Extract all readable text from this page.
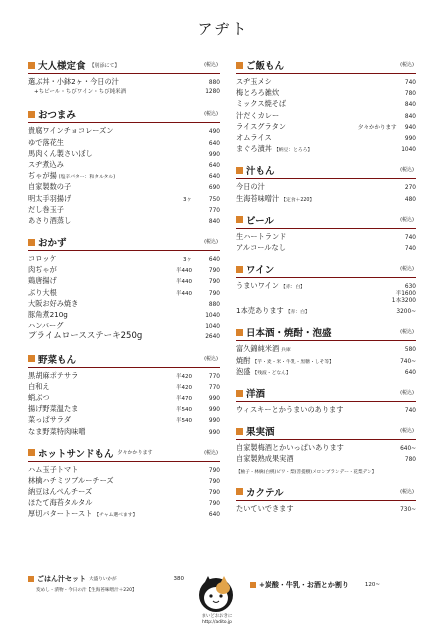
アヂト
大人様定食 【別添にて】	(税込)
選ぶ丼・小鉢2ヶ・今日の汁	880
+ちビール・ちびワイン・ちび純米酒	1280
おつまみ	(税込)
貴腐ワインチョコレーズン	490
ゆで落花生	640
馬肉くん製さいぼし	990
スヂ煮込み	640
ぢゃが揚 (塩辛バター：和タルタル)	640
自家製数の子	690
明太手羽揚げ	3ヶ	750
だし巻玉子	770
あさり酒蒸し	840
おかず	(税込)
コロッケ	3ヶ	640
肉ぢゃが	半440	790
鶏唐揚げ	半440	790
ぶり大根	半440	790
大阪お好み焼き	880
豚角煮210g	1040
ハンバーグ	1040
プライムロースステーキ250g	2640
野菜もん	(税込)
黒胡麻ポテサラ	半420	770
白和え	半420	770
蛸ぶつ	半470	990
揚げ野菜温たま	半540	990
菜っぱサラダ	半540	990
なま野菜特肉味噌	990
ホットサンドもん 夕々かかります	(税込)
ハム玉子トマト	790
林檎ハチミツブルーチーズ	790
納豆はんぺんチーズ	790
ほたて海苔タルタル	790
厚切バタートースト 【チャム選べます】	640
ご飯もん	(税込)
スヂ玉メシ	740
梅とろろ雑炊	780
ミックス焼そば	840
汁だくカレー	840
ライスグラタン	夕々かかります	940
オムライス	990
まぐろ漬丼 【納豆：とろろ】	1040
汁もん	(税込)
今日の汁	270
生海苔味噌汁 【定食＋220】	480
ビール	(税込)
生ハートランド	740
アルコールなし	740
ワイン	(税込)
うまいワイン 【赤：白】	630
半1600
1本3200
1本売あります 【赤：白】	3200~
日本酒・焼酎・泡盛	(税込)
富久錦純米酒 兵庫	580
焼酎 【芋・麦・米・牛乳・黒糖・しそ等】	740~
泡盛 【残波・どなん】	640
洋酒	(税込)
ウィスキーとかうまいのあります	740
果実酒	(税込)
自家製梅酒とかいっぱいあります	640~
自家製熟成果実酒	780
【柚子・林檎(白桃)ピワ・梨(菩提樹)メロンブランデー・花梨デン】
カクテル	(税込)
たいていできます	730~
ごはん汁セット 大盛りいかが	380
変めし・漬物・今日の汁【生海苔味噌汁＋220】
まいどおおきに
http://adito.jp
+炭酸・牛乳・お酒とか割り	120~
